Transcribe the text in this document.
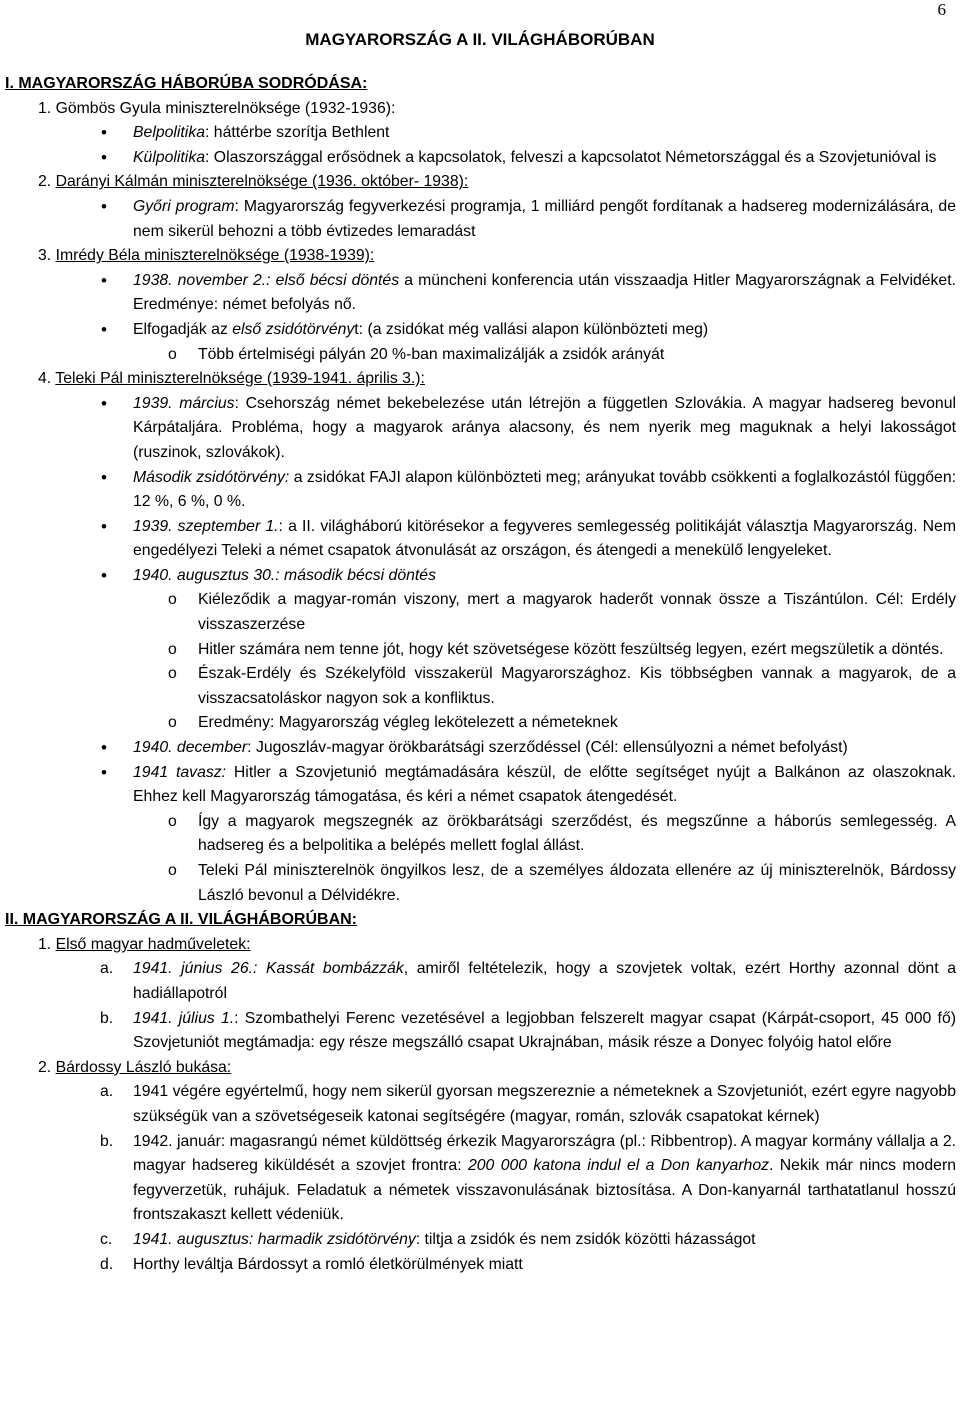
6
MAGYARORSZÁG A II. VILÁGHÁBORÚBAN
I. MAGYARORSZÁG HÁBORÚBA SODRÓDÁSA:

1. Gömbös Gyula miniszterelnöksége (1932-1936):

• Belpolitika: háttérbe szorítja Bethlent

• Külpolitika: Olaszországgal erősödnek a kapcsolatok, felveszi a kapcsolatot Németországgal és a Szovjetunióval is

2. Darányi Kálmán miniszterelnöksége (1936. október- 1938):

• Győri program: Magyarország fegyverkezési programja, 1 milliárd pengőt fordítanak a hadsereg modernizálására, de nem sikerül behozni a több évtizedes lemaradást

3. Imrédy Béla miniszterelnöksége (1938-1939):

• 1938. november 2.: első bécsi döntés a müncheni konferencia után visszaadja Hitler Magyarországnak a Felvidéket. Eredménye: német befolyás nő.

• Elfogadják az első zsidótörvényt: (a zsidókat még vallási alapon különbözteti meg)

o Több értelmiségi pályán 20 %-ban maximalizálják a zsidók arányát

4. Teleki Pál miniszterelnöksége (1939-1941. április 3.):

• 1939. március: Csehország német bekebelezése után létrejön a független Szlovákia. A magyar hadsereg bevonul Kárpátaljára. Probléma, hogy a magyarok aránya alacsony, és nem nyerik meg maguknak a helyi lakosságot (ruszinok, szlovákok).

• Második zsidótörvény: a zsidókat FAJI alapon különbözteti meg; arányukat tovább csökkenti a foglalkozástól függően: 12 %, 6 %, 0 %.

• 1939. szeptember 1.: a II. világháború kitörésekor a fegyveres semlegesség politikáját választja Magyarország. Nem engedélyezi Teleki a német csapatok átvonulását az országon, és átengedi a menekülő lengyeleket.

• 1940. augusztus 30.: második bécsi döntés

o Kiéleződik a magyar-román viszony, mert a magyarok haderőt vonnak össze a Tiszántúlon. Cél: Erdély visszaszerzése

o Hitler számára nem tenne jót, hogy két szövetségese között feszültség legyen, ezért megszületik a döntés.

o Észak-Erdély és Székelyföld visszakerül Magyarországhoz. Kis többségben vannak a magyarok, de a visszacsatoláskor nagyon sok a konfliktus.

o Eredmény: Magyarország végleg lekötelezett a németeknek

• 1940. december: Jugoszláv-magyar örökbarátsági szerződéssel (Cél: ellensúlyozni a német befolyást)

• 1941 tavasz: Hitler a Szovjetunió megtámadására készül, de előtte segítséget nyújt a Balkánon az olaszoknak. Ehhez kell Magyarország támogatása, és kéri a német csapatok átengedését.

o Így a magyarok megszegnék az örökbarátsági szerződést, és megszűnne a háborús semlegesség. A hadsereg és a belpolitika a belépés mellett foglal állást.

o Teleki Pál miniszterelnök öngyilkos lesz, de a személyes áldozata ellenére az új miniszterelnök, Bárdossy László bevonul a Délvidékre.

II. MAGYARORSZÁG A II. VILÁGHÁBORÚBAN:

1. Első magyar hadműveletek:

a. 1941. június 26.: Kassát bombázzák, amiről feltételezik, hogy a szovjetek voltak, ezért Horthy azonnal dönt a hadiállapotról

b. 1941. július 1.: Szombathelyi Ferenc vezetésével a legjobban felszerelt magyar csapat (Kárpát-csoport, 45 000 fő) Szovjetuniót megtámadja: egy része megszálló csapat Ukrajnában, másik része a Donyec folyóig hatol előre

2. Bárdossy László bukása:

a. 1941 végére egyértelmű, hogy nem sikerül gyorsan megszereznie a németeknek a Szovjetuniót, ezért egyre nagyobb szükségük van a szövetségeseik katonai segítségére (magyar, román, szlovák csapatokat kérnek)

b. 1942. január: magasrangú német küldöttség érkezik Magyarországra (pl.: Ribbentrop). A magyar kormány vállalja a 2. magyar hadsereg kiküldését a szovjet frontra: 200 000 katona indul el a Don kanyarhoz. Nekik már nincs modern fegyverzetük, ruhájuk. Feladatuk a németek visszavonulásának biztosítása. A Don-kanyarnál tarthatatlanul hosszú frontszakaszt kellett védeniük.

c. 1941. augusztus: harmadik zsidótörvény: tiltja a zsidók és nem zsidók közötti házasságot

d. Horthy leváltja Bárdossyt a romló életkörülmények miatt
